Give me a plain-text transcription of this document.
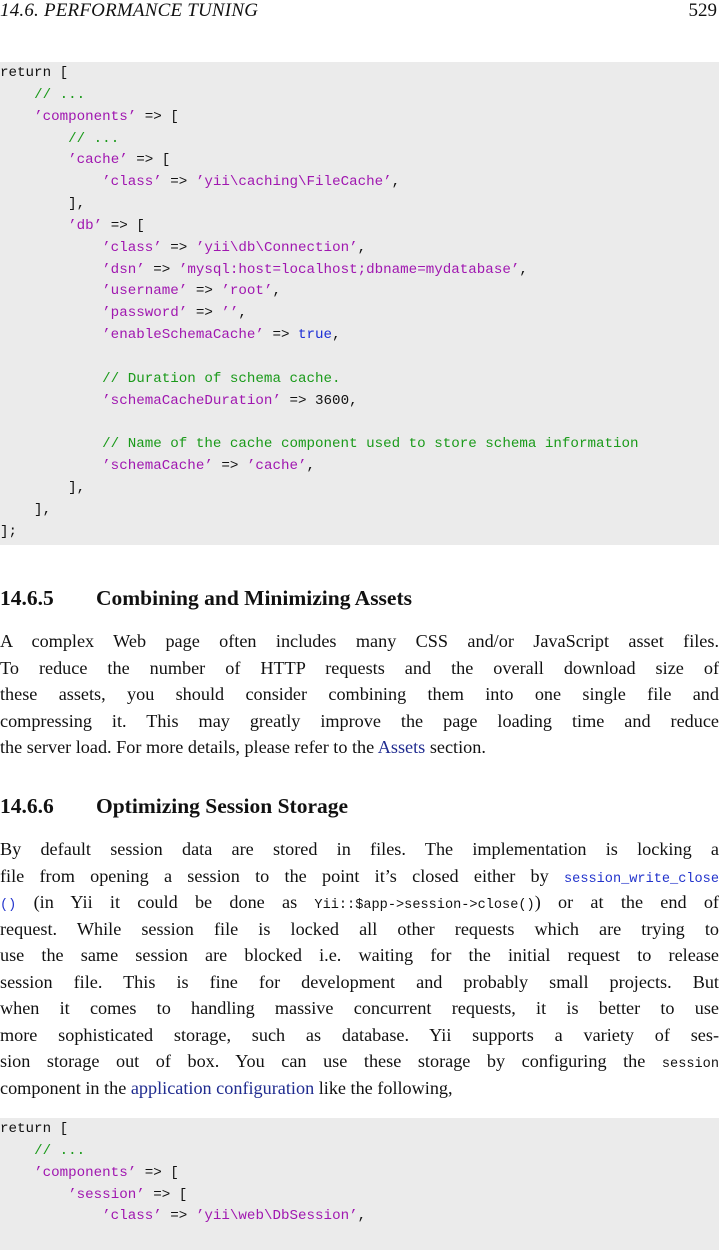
14.6. PERFORMANCE TUNING	529
return [
// ...
’components’ => [
// ...
’cache’ => [
’class’ => ’yii\caching\FileCache’,
],
’db’ => [
’class’ => ’yii\db\Connection’,
’dsn’ => ’mysql:host=localhost;dbname=mydatabase’,
’username’ => ’root’,
’password’ => ’’,
’enableSchemaCache’ => true,
// Duration of schema cache.
’schemaCacheDuration’ => 3600,
// Name of the cache component used to store schema information
’schemaCache’ => ’cache’,
],
],
];
14.6.5 Combining and Minimizing Assets
A complex Web page often includes many CSS and/or JavaScript asset files.
To reduce the number of HTTP requests and the overall download size of
these assets, you should consider combining them into one single file and
compressing it. This may greatly improve the page loading time and reduce
the server load. For more details, please refer to the Assets section.
14.6.6 Optimizing Session Storage
By default session data are stored in files. The implementation is locking a
file from opening a session to the point it’s closed either by session_write_close
() (in Yii it could be done as Yii::$app->session->close()) or at the end of
request. While session file is locked all other requests which are trying to
use the same session are blocked i.e. waiting for the initial request to release
session file. This is fine for development and probably small projects. But
when it comes to handling massive concurrent requests, it is better to use
more sophisticated storage, such as database. Yii supports a variety of ses-
sion storage out of box. You can use these storage by configuring the session
component in the application configuration like the following,
return [
// ...
’components’ => [
’session’ => [
’class’ => ’yii\web\DbSession’,
